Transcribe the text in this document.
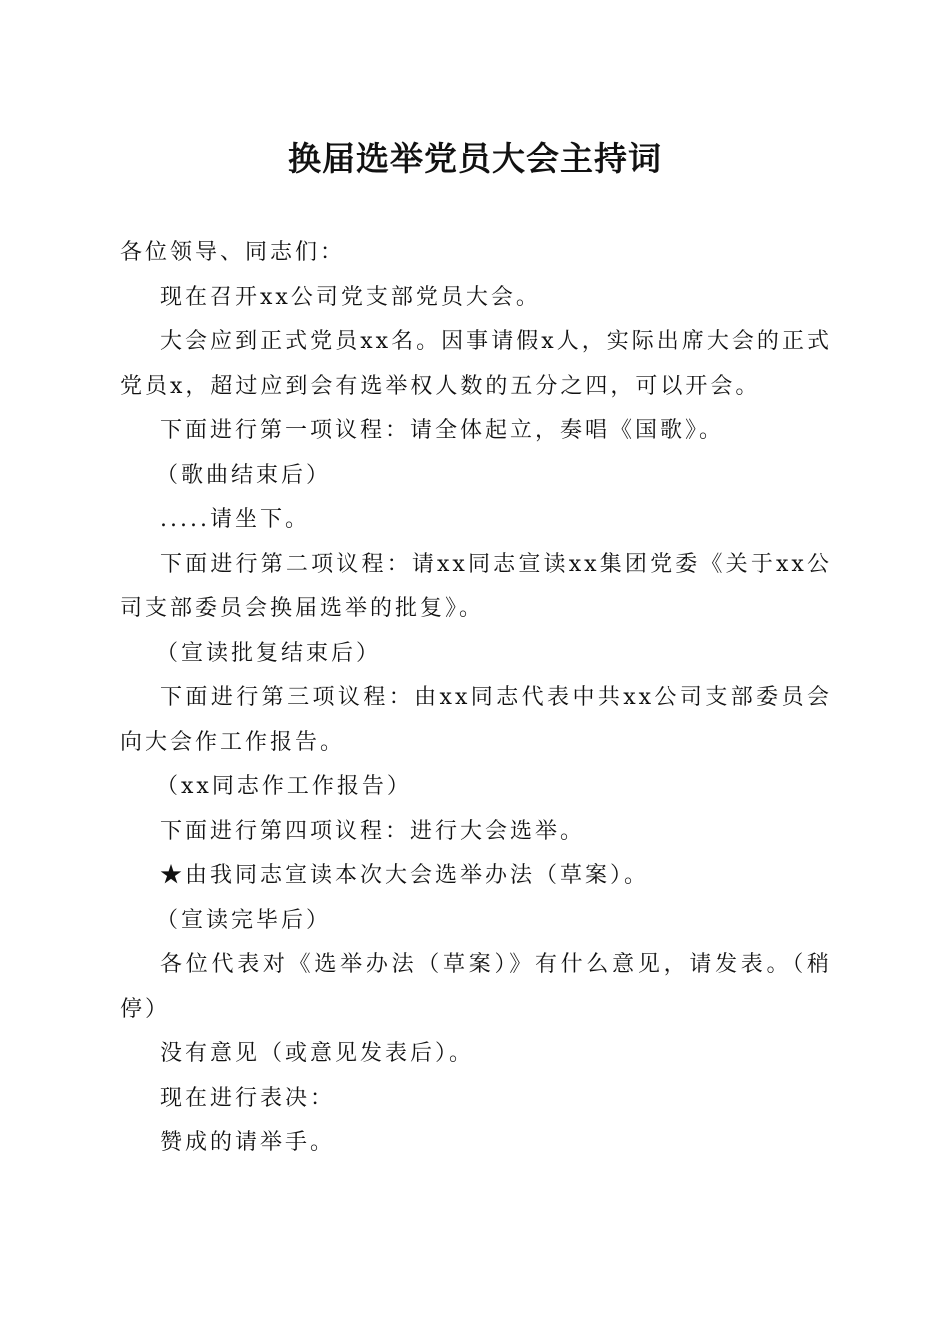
换届选举党员大会主持词

各位领导、同志们：

现在召开xx公司党支部党员大会。

大会应到正式党员xx名。因事请假x人，实际出席大会的正式党员x，超过应到会有选举权人数的五分之四，可以开会。

下面进行第一项议程：请全体起立，奏唱《国歌》。

（歌曲结束后）

.....请坐下。

下面进行第二项议程：请xx同志宣读xx集团党委《关于xx公司支部委员会换届选举的批复》。

（宣读批复结束后）

下面进行第三项议程：由xx同志代表中共xx公司支部委员会向大会作工作报告。

（xx同志作工作报告）

下面进行第四项议程：进行大会选举。

★由我同志宣读本次大会选举办法（草案）。

（宣读完毕后）

各位代表对《选举办法（草案）》有什么意见，请发表。（稍停）

没有意见（或意见发表后）。

现在进行表决：

赞成的请举手。
